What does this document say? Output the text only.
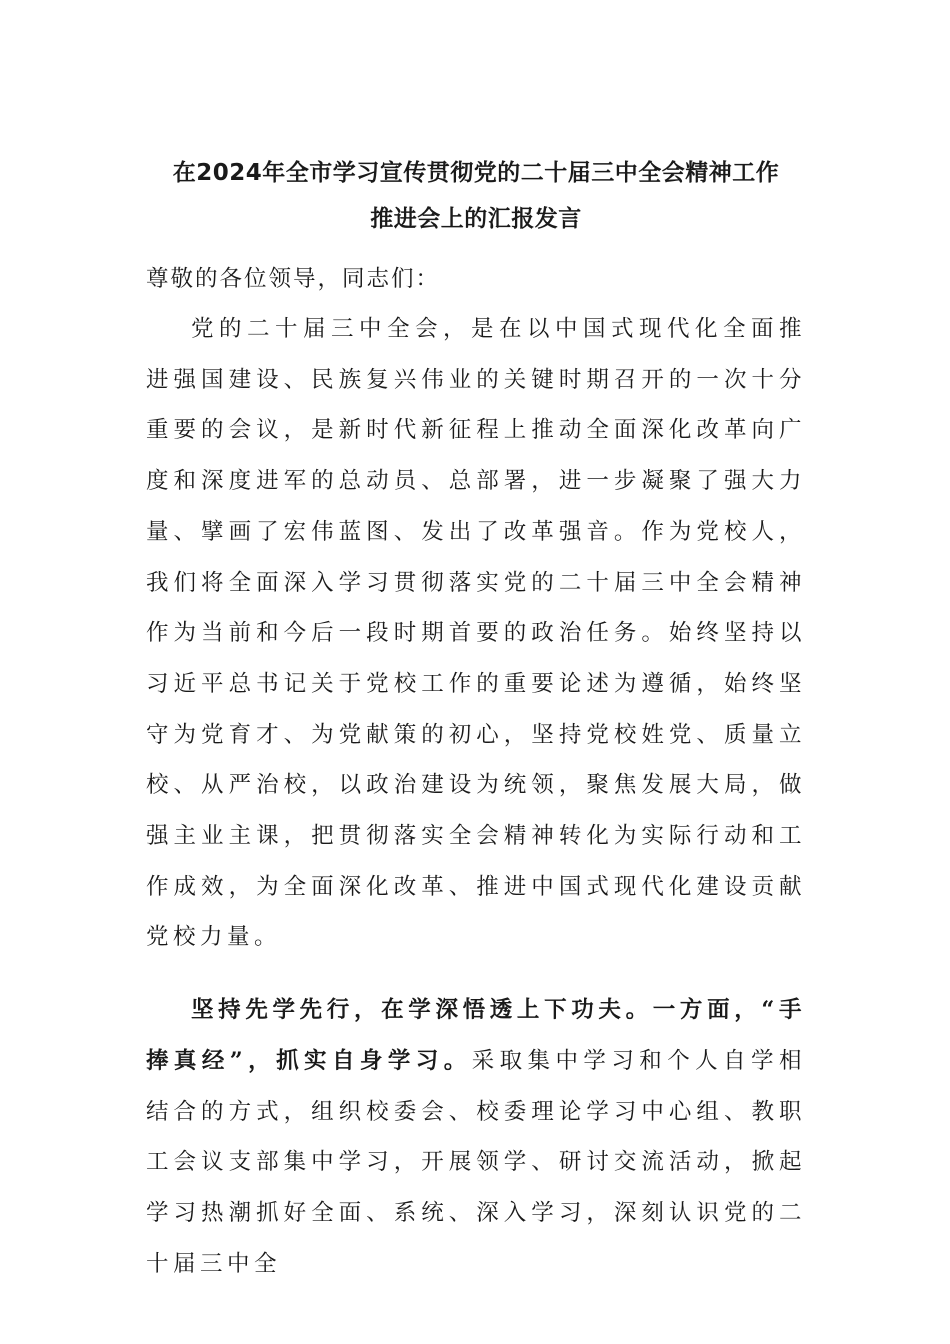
在2024年全市学习宣传贯彻党的二十届三中全会精神工作
推进会上的汇报发言

尊敬的各位领导，同志们：

党的二十届三中全会，是在以中国式现代化全面推进强国建设、民族复兴伟业的关键时期召开的一次十分重要的会议，是新时代新征程上推动全面深化改革向广度和深度进军的总动员、总部署，进一步凝聚了强大力量、擘画了宏伟蓝图、发出了改革强音。作为党校人，我们将全面深入学习贯彻落实党的二十届三中全会精神作为当前和今后一段时期首要的政治任务。始终坚持以习近平总书记关于党校工作的重要论述为遵循，始终坚守为党育才、为党献策的初心，坚持党校姓党、质量立校、从严治校，以政治建设为统领，聚焦发展大局，做强主业主课，把贯彻落实全会精神转化为实际行动和工作成效，为全面深化改革、推进中国式现代化建设贡献党校力量。

坚持先学先行，在学深悟透上下功夫。一方面，“手捧真经”，抓实自身学习。采取集中学习和个人自学相结合的方式，组织校委会、校委理论学习中心组、教职工会议支部集中学习，开展领学、研讨交流活动，掀起学习热潮抓好全面、系统、深入学习，深刻认识党的二十届三中全
